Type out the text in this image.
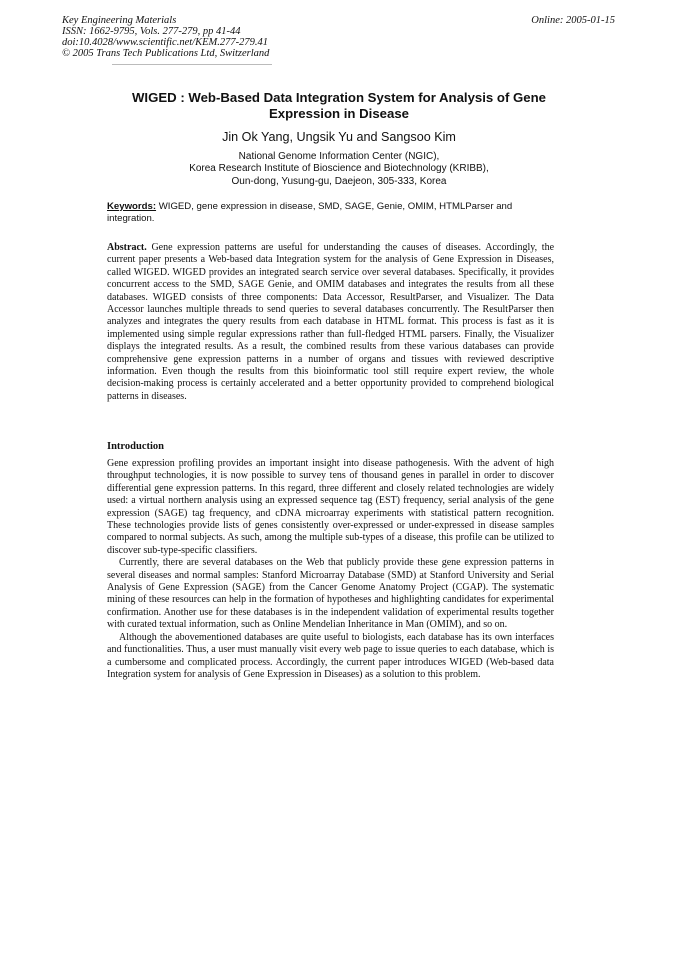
Key Engineering Materials
ISSN: 1662-9795, Vols. 277-279, pp 41-44
doi:10.4028/www.scientific.net/KEM.277-279.41
© 2005 Trans Tech Publications Ltd, Switzerland
Online: 2005-01-15
WIGED : Web-Based Data Integration System for Analysis of Gene Expression in Disease
Jin Ok Yang, Ungsik Yu and Sangsoo Kim
National Genome Information Center (NGIC),
Korea Research Institute of Bioscience and Biotechnology (KRIBB),
Oun-dong, Yusung-gu, Daejeon, 305-333, Korea
Keywords: WIGED, gene expression in disease, SMD, SAGE, Genie, OMIM, HTMLParser and integration.
Abstract. Gene expression patterns are useful for understanding the causes of diseases. Accordingly, the current paper presents a Web-based data Integration system for the analysis of Gene Expression in Diseases, called WIGED. WIGED provides an integrated search service over several databases. Specifically, it provides concurrent access to the SMD, SAGE Genie, and OMIM databases and integrates the results from all these databases. WIGED consists of three components: Data Accessor, ResultParser, and Visualizer. The Data Accessor launches multiple threads to send queries to several databases concurrently. The ResultParser then analyzes and integrates the query results from each database in HTML format. This process is fast as it is implemented using simple regular expressions rather than full-fledged HTML parsers. Finally, the Visualizer displays the integrated results. As a result, the combined results from these various databases can provide comprehensive gene expression patterns in a number of organs and tissues with reviewed descriptive information. Even though the results from this bioinformatic tool still require expert review, the whole decision-making process is certainly accelerated and a better opportunity provided to comprehend biological patterns in diseases.
Introduction

Gene expression profiling provides an important insight into disease pathogenesis. With the advent of high throughput technologies, it is now possible to survey tens of thousand genes in parallel in order to discover differential gene expression patterns. In this regard, three different and closely related technologies are widely used: a virtual northern analysis using an expressed sequence tag (EST) frequency, serial analysis of the gene expression (SAGE) tag frequency, and cDNA microarray experiments with statistical pattern recognition. These technologies provide lists of genes consistently over-expressed or under-expressed in disease samples compared to normal subjects. As such, among the multiple sub-types of a disease, this profile can be utilized to discover sub-type-specific classifiers.

Currently, there are several databases on the Web that publicly provide these gene expression patterns in several diseases and normal samples: Stanford Microarray Database (SMD) at Stanford University and Serial Analysis of Gene Expression (SAGE) from the Cancer Genome Anatomy Project (CGAP). The systematic mining of these resources can help in the formation of hypotheses and highlighting candidates for experimental confirmation. Another use for these databases is in the independent validation of experimental results together with curated textual information, such as Online Mendelian Inheritance in Man (OMIM), and so on.

Although the abovementioned databases are quite useful to biologists, each database has its own interfaces and functionalities. Thus, a user must manually visit every web page to issue queries to each database, which is a cumbersome and complicated process. Accordingly, the current paper introduces WIGED (Web-based data Integration system for analysis of Gene Expression in Diseases) as a solution to this problem.
